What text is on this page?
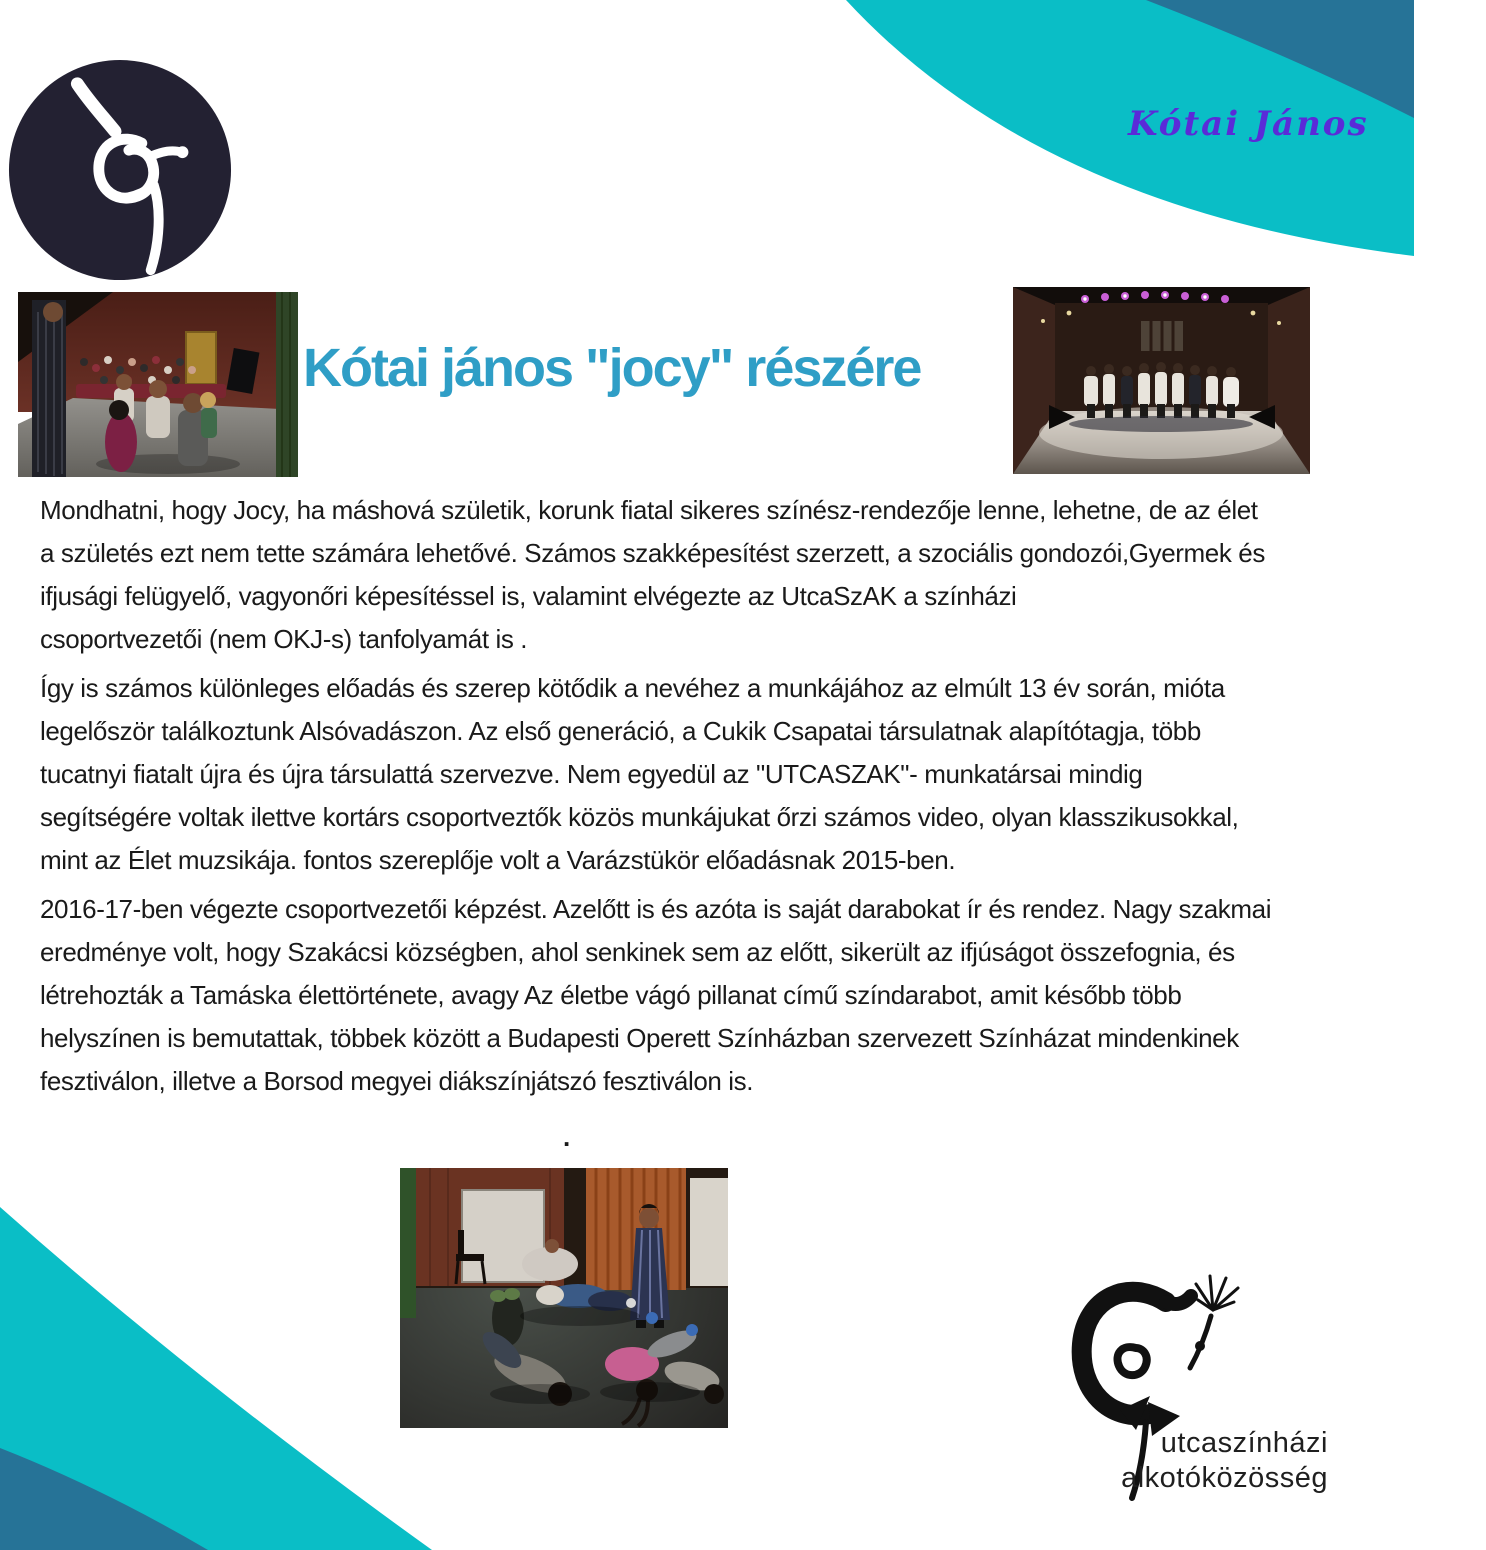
Kótai János
Kótai jános "jocy" részére
Mondhatni, hogy Jocy, ha máshová születik, korunk fiatal sikeres színész-rendezője lenne, lehetne, de az élet
a születés ezt nem tette számára lehetővé. Számos szakképesítést szerzett, a szociális gondozói,Gyermek és
ifjusági felügyelő, vagyonőri képesítéssel is, valamint elvégezte az UtcaSzAK a színházi
csoportvezetői (nem OKJ-s) tanfolyamát is .
Így is számos különleges előadás és szerep kötődik a nevéhez a munkájához az elmúlt 13 év során, mióta
legelőször találkoztunk Alsóvadászon. Az első generáció, a Cukik Csapatai társulatnak alapítótagja, több
tucatnyi fiatalt újra és újra társulattá szervezve. Nem egyedül az "UTCASZAK"- munkatársai mindig
segítségére voltak ilettve kortárs csoportveztők közös munkájukat őrzi számos video, olyan klasszikusokkal,
mint az Élet muzsikája. fontos szereplője volt a Varázstükör előadásnak 2015-ben.
2016-17-ben végezte csoportvezetői képzést. Azelőtt is és azóta is saját darabokat ír és rendez. Nagy szakmai
eredménye volt, hogy Szakácsi községben, ahol senkinek sem az előtt, sikerült az ifjúságot összefognia, és
létrehozták a Tamáska élettörténete, avagy Az életbe vágó pillanat című színdarabot, amit később több
helyszínen is bemutattak, többek között a Budapesti Operett Színházban szervezett Színházat mindenkinek
fesztiválon, illetve a Borsod megyei diákszínjátszó fesztiválon is.
.
utcaszínházi
alkotóközösség
